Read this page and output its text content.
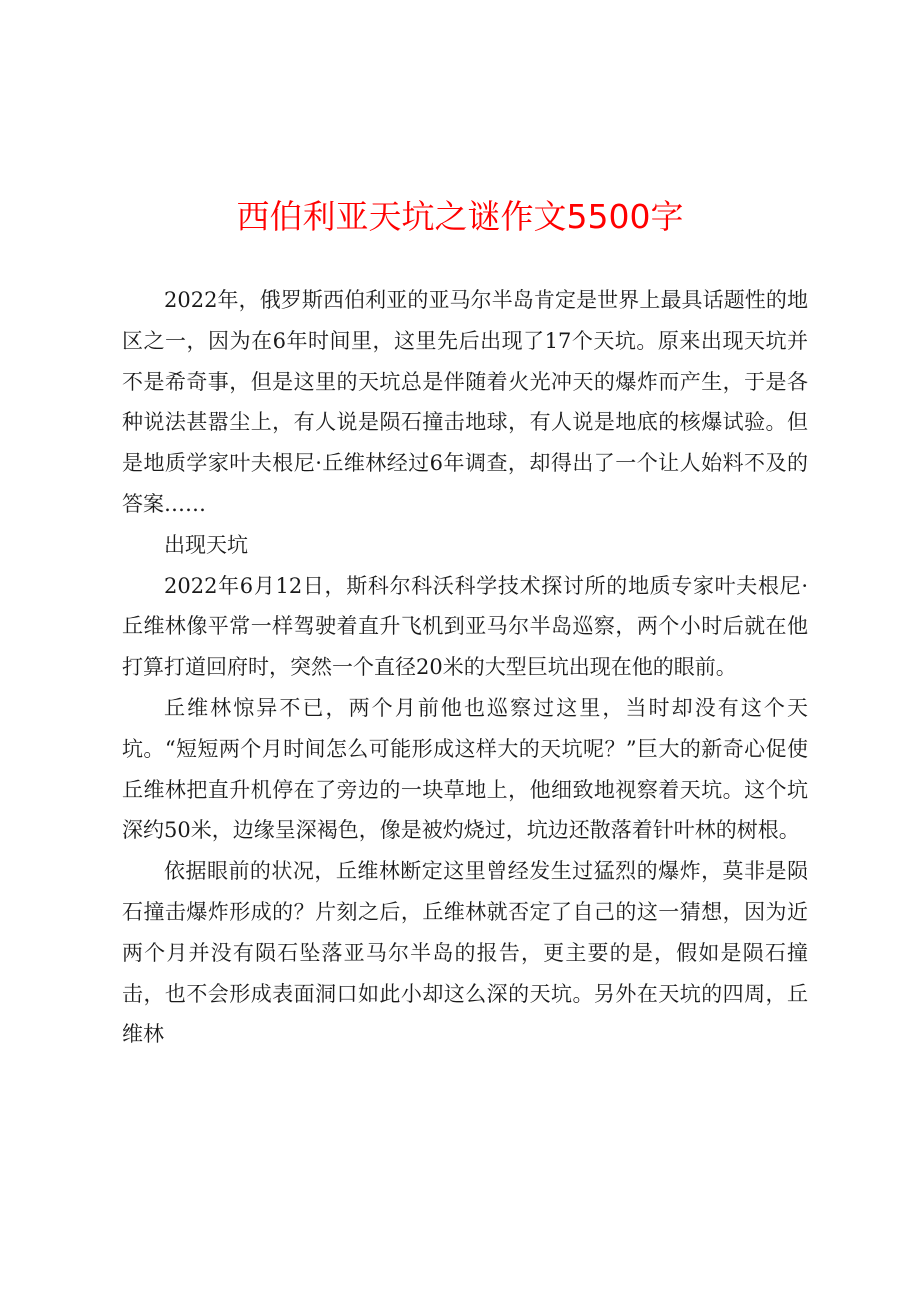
西伯利亚天坑之谜作文5500字

2022年，俄罗斯西伯利亚的亚马尔半岛肯定是世界上最具话题性的地区之一，因为在6年时间里，这里先后出现了17个天坑。原来出现天坑并不是希奇事，但是这里的天坑总是伴随着火光冲天的爆炸而产生，于是各种说法甚嚣尘上，有人说是陨石撞击地球，有人说是地底的核爆试验。但是地质学家叶夫根尼·丘维林经过6年调查，却得出了一个让人始料不及的答案……

出现天坑

2022年6月12日，斯科尔科沃科学技术探讨所的地质专家叶夫根尼·丘维林像平常一样驾驶着直升飞机到亚马尔半岛巡察，两个小时后就在他打算打道回府时，突然一个直径20米的大型巨坑出现在他的眼前。

丘维林惊异不已，两个月前他也巡察过这里，当时却没有这个天坑。“短短两个月时间怎么可能形成这样大的天坑呢？”巨大的新奇心促使丘维林把直升机停在了旁边的一块草地上，他细致地视察着天坑。这个坑深约50米，边缘呈深褐色，像是被灼烧过，坑边还散落着针叶林的树根。

依据眼前的状况，丘维林断定这里曾经发生过猛烈的爆炸，莫非是陨石撞击爆炸形成的？片刻之后，丘维林就否定了自己的这一猜想，因为近两个月并没有陨石坠落亚马尔半岛的报告，更主要的是，假如是陨石撞击，也不会形成表面洞口如此小却这么深的天坑。另外在天坑的四周，丘维林
